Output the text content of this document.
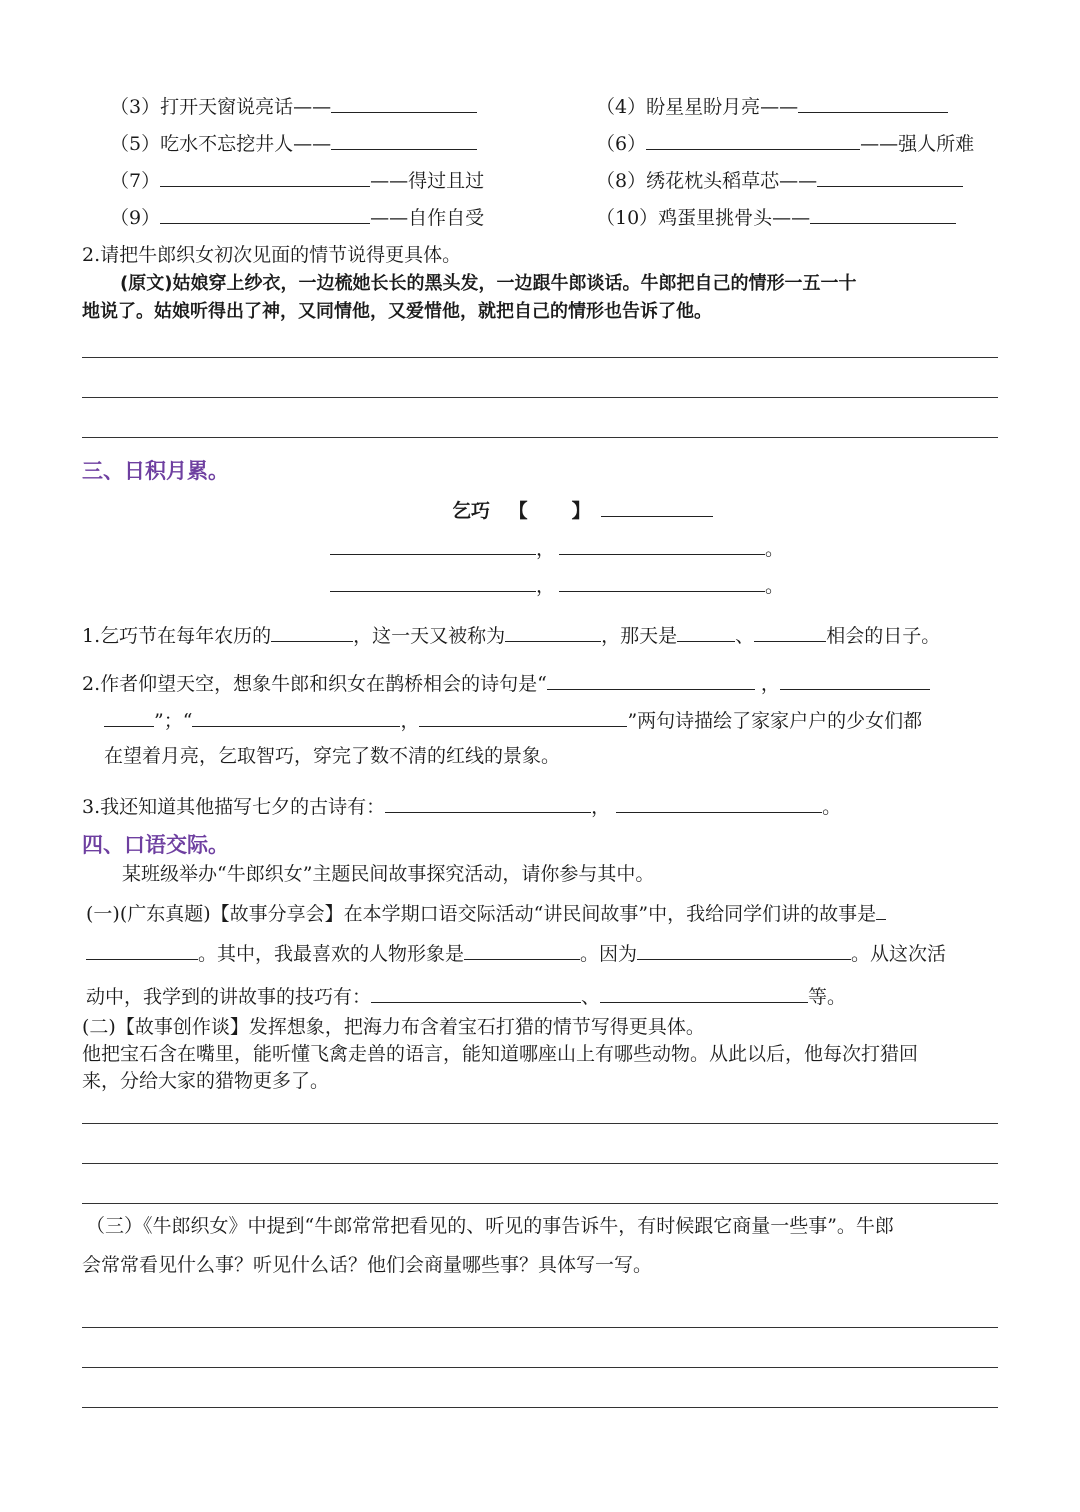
（3）打开天窗说亮话——	（4）盼星星盼月亮——
（5）吃水不忘挖井人——	（6）	——强人所难
（7）	——得过且过	（8）绣花枕头稻草芯——
（9）	——自作自受	（10）鸡蛋里挑骨头——
2.请把牛郎织女初次见面的情节说得更具体。
(原文)姑娘穿上纱衣，一边梳她长长的黑头发，一边跟牛郎谈话。牛郎把自己的情形一五一十
地说了。姑娘听得出了神，又同情他，又爱惜他，就把自己的情形也告诉了他。
三、日积月累。
乞巧 【 】
，	。
，	。
1.乞巧节在每年农历的	，这一天又被称为	，那天是	、	相会的日子。
2.作者仰望天空，想象牛郎和织女在鹊桥相会的诗句是“	，
”；“	，	”两句诗描绘了家家户户的少女们都
在望着月亮，乞取智巧，穿完了数不清的红线的景象。
3.我还知道其他描写七夕的古诗有：	，	。
四、口语交际。
某班级举办“牛郎织女”主题民间故事探究活动，请你参与其中。
(一)(广东真题)【故事分享会】在本学期口语交际活动“讲民间故事”中，我给同学们讲的故事是
。其中，我最喜欢的人物形象是	。因为	。从这次活
动中，我学到的讲故事的技巧有：	、	等。
(二)【故事创作谈】发挥想象，把海力布含着宝石打猎的情节写得更具体。
他把宝石含在嘴里，能听懂飞禽走兽的语言，能知道哪座山上有哪些动物。从此以后，他每次打猎回
来，分给大家的猎物更多了。
（三）《牛郎织女》中提到“牛郎常常把看见的、听见的事告诉牛，有时候跟它商量一些事”。牛郎
会常常看见什么事？听见什么话？他们会商量哪些事？具体写一写。
